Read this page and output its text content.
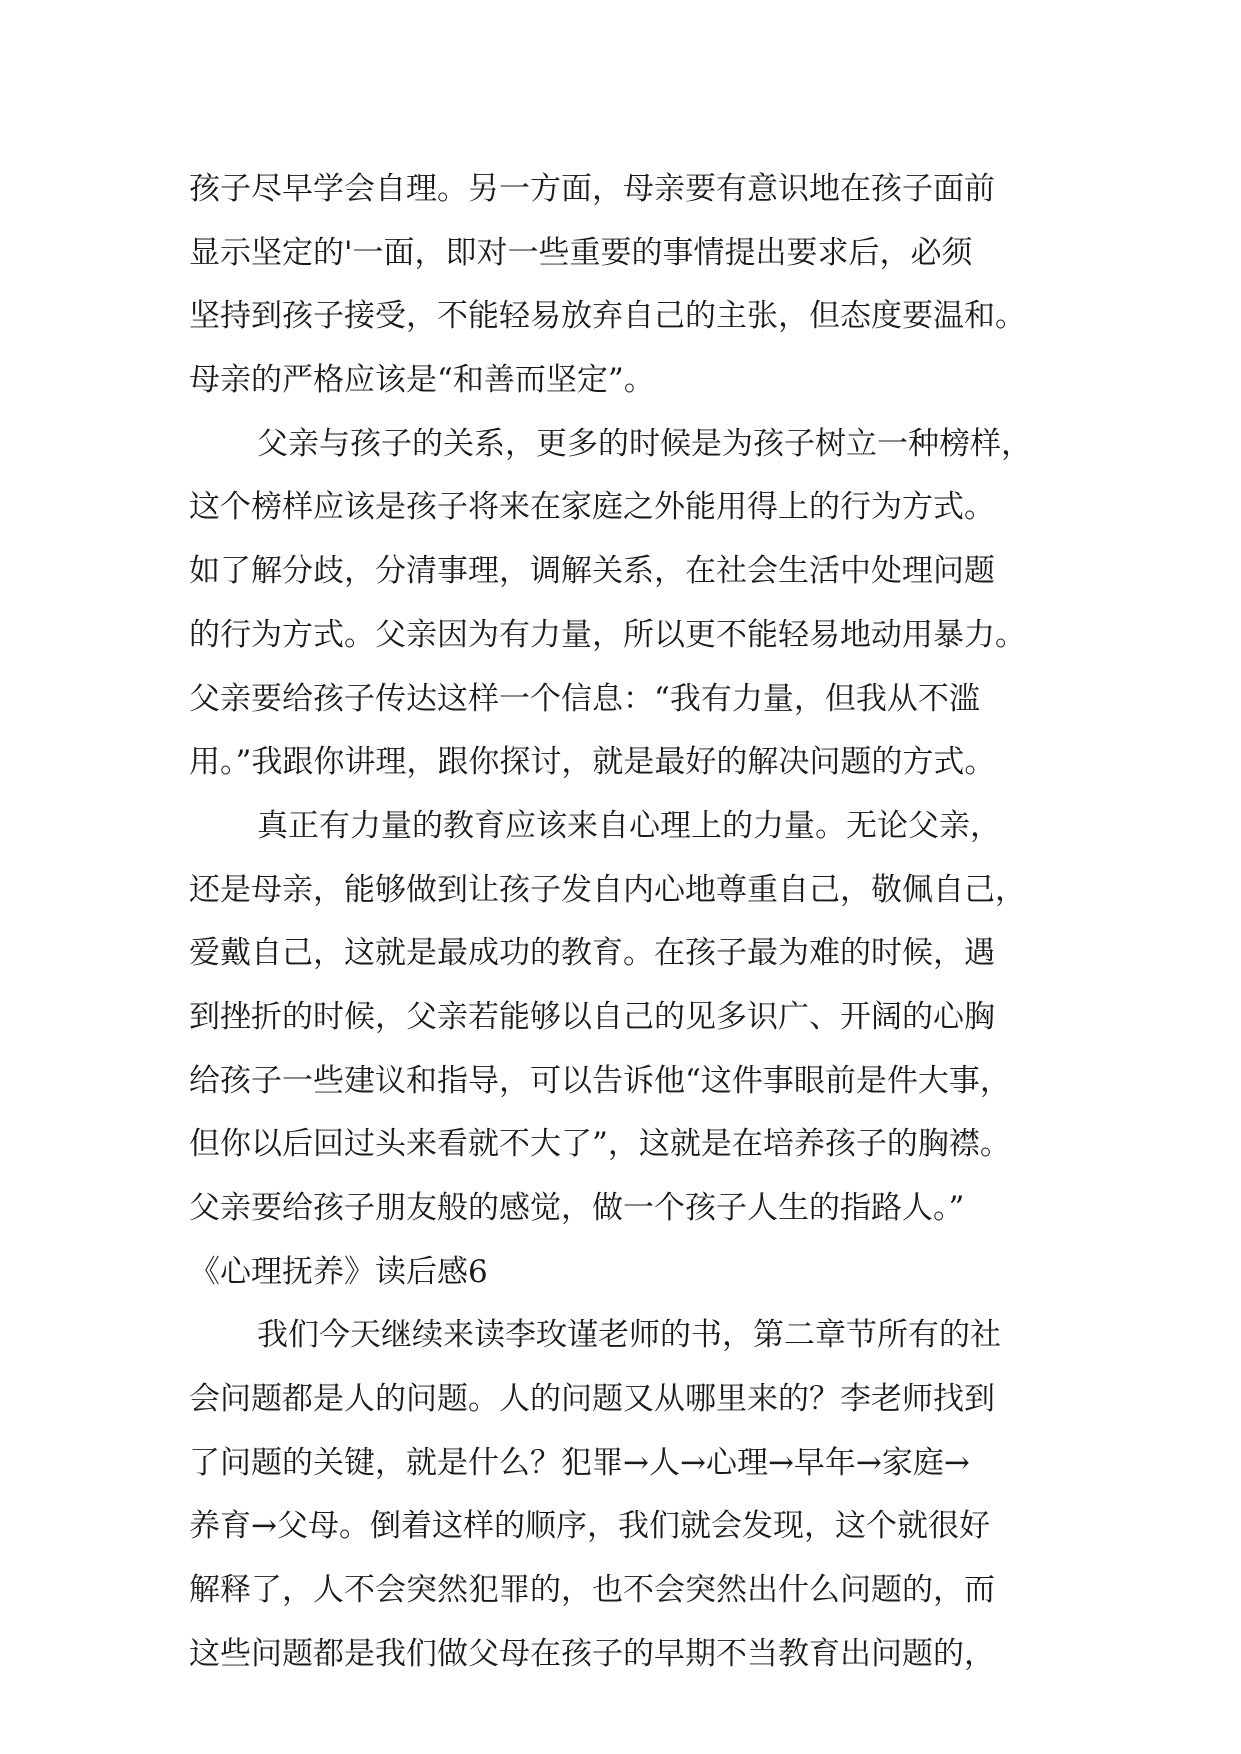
孩子尽早学会自理。另一方面，母亲要有意识地在孩子面前
显示坚定的'一面，即对一些重要的事情提出要求后，必须
坚持到孩子接受，不能轻易放弃自己的主张，但态度要温和。
母亲的严格应该是“和善而坚定”。
父亲与孩子的关系，更多的时候是为孩子树立一种榜样，
这个榜样应该是孩子将来在家庭之外能用得上的行为方式。
如了解分歧，分清事理，调解关系，在社会生活中处理问题
的行为方式。父亲因为有力量，所以更不能轻易地动用暴力。
父亲要给孩子传达这样一个信息：“我有力量，但我从不滥
用。”我跟你讲理，跟你探讨，就是最好的解决问题的方式。
真正有力量的教育应该来自心理上的力量。无论父亲，
还是母亲，能够做到让孩子发自内心地尊重自己，敬佩自己，
爱戴自己，这就是最成功的教育。在孩子最为难的时候，遇
到挫折的时候，父亲若能够以自己的见多识广、开阔的心胸
给孩子一些建议和指导，可以告诉他“这件事眼前是件大事，
但你以后回过头来看就不大了”，这就是在培养孩子的胸襟。
父亲要给孩子朋友般的感觉，做一个孩子人生的指路人。”
《心理抚养》读后感6
我们今天继续来读李玫谨老师的书，第二章节所有的社
会问题都是人的问题。人的问题又从哪里来的？李老师找到
了问题的关键，就是什么？犯罪→人→心理→早年→家庭→
养育→父母。倒着这样的顺序，我们就会发现，这个就很好
解释了，人不会突然犯罪的，也不会突然出什么问题的，而
这些问题都是我们做父母在孩子的早期不当教育出问题的，
